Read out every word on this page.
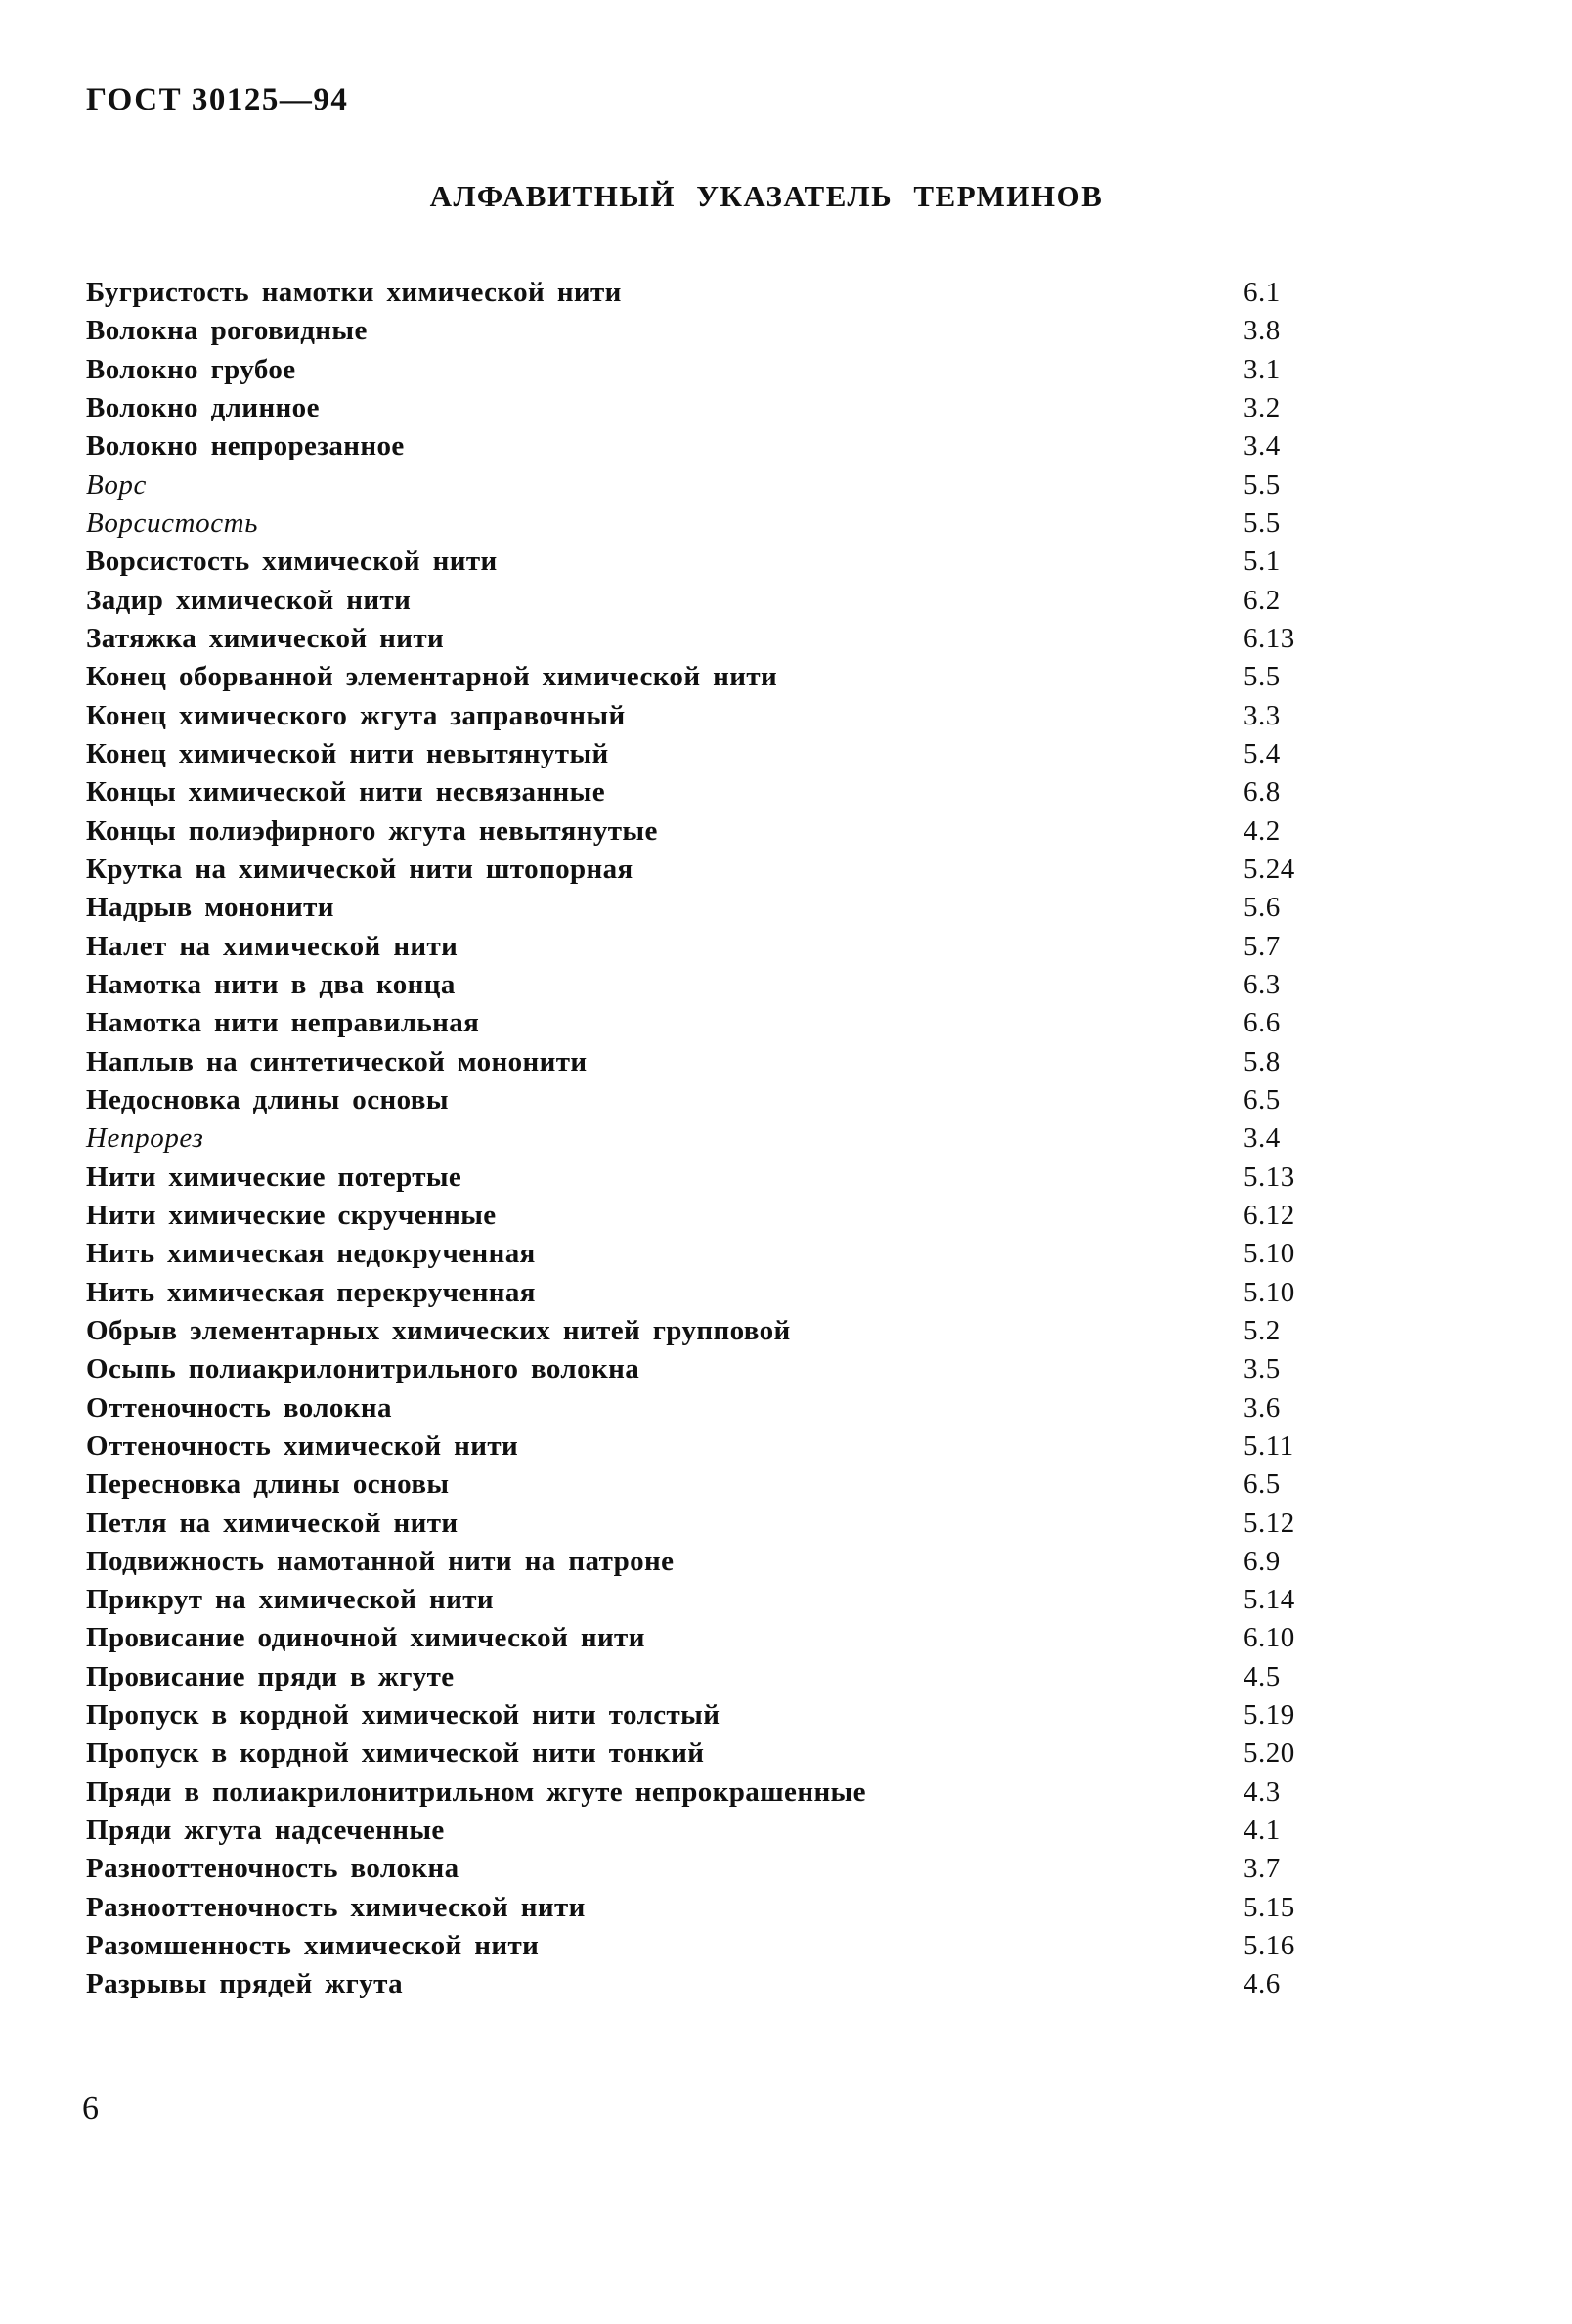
ГОСТ 30125—94
АЛФАВИТНЫЙ УКАЗАТЕЛЬ ТЕРМИНОВ
Бугристость намотки химической нити	6.1
Волокна роговидные	3.8
Волокно грубое	3.1
Волокно длинное	3.2
Волокно непрорезанное	3.4
Ворс	5.5
Ворсистость	5.5
Ворсистость химической нити	5.1
Задир химической нити	6.2
Затяжка химической нити	6.13
Конец оборванной элементарной химической нити	5.5
Конец химического жгута заправочный	3.3
Конец химической нити невытянутый	5.4
Концы химической нити несвязанные	6.8
Концы полиэфирного жгута невытянутые	4.2
Крутка на химической нити штопорная	5.24
Надрыв мононити	5.6
Налет на химической нити	5.7
Намотка нити в два конца	6.3
Намотка нити неправильная	6.6
Наплыв на синтетической мононити	5.8
Недосновка длины основы	6.5
Непрорез	3.4
Нити химические потертые	5.13
Нити химические скрученные	6.12
Нить химическая недокрученная	5.10
Нить химическая перекрученная	5.10
Обрыв элементарных химических нитей групповой	5.2
Осыпь полиакрилонитрильного волокна	3.5
Оттеночность волокна	3.6
Оттеночность химической нити	5.11
Пересновка длины основы	6.5
Петля на химической нити	5.12
Подвижность намотанной нити на патроне	6.9
Прикрут на химической нити	5.14
Провисание одиночной химической нити	6.10
Провисание пряди в жгуте	4.5
Пропуск в кордной химической нити толстый	5.19
Пропуск в кордной химической нити тонкий	5.20
Пряди в полиакрилонитрильном жгуте непрокрашенные	4.3
Пряди жгута надсеченные	4.1
Разнооттеночность волокна	3.7
Разнооттеночность химической нити	5.15
Разомшенность химической нити	5.16
Разрывы прядей жгута	4.6
6
